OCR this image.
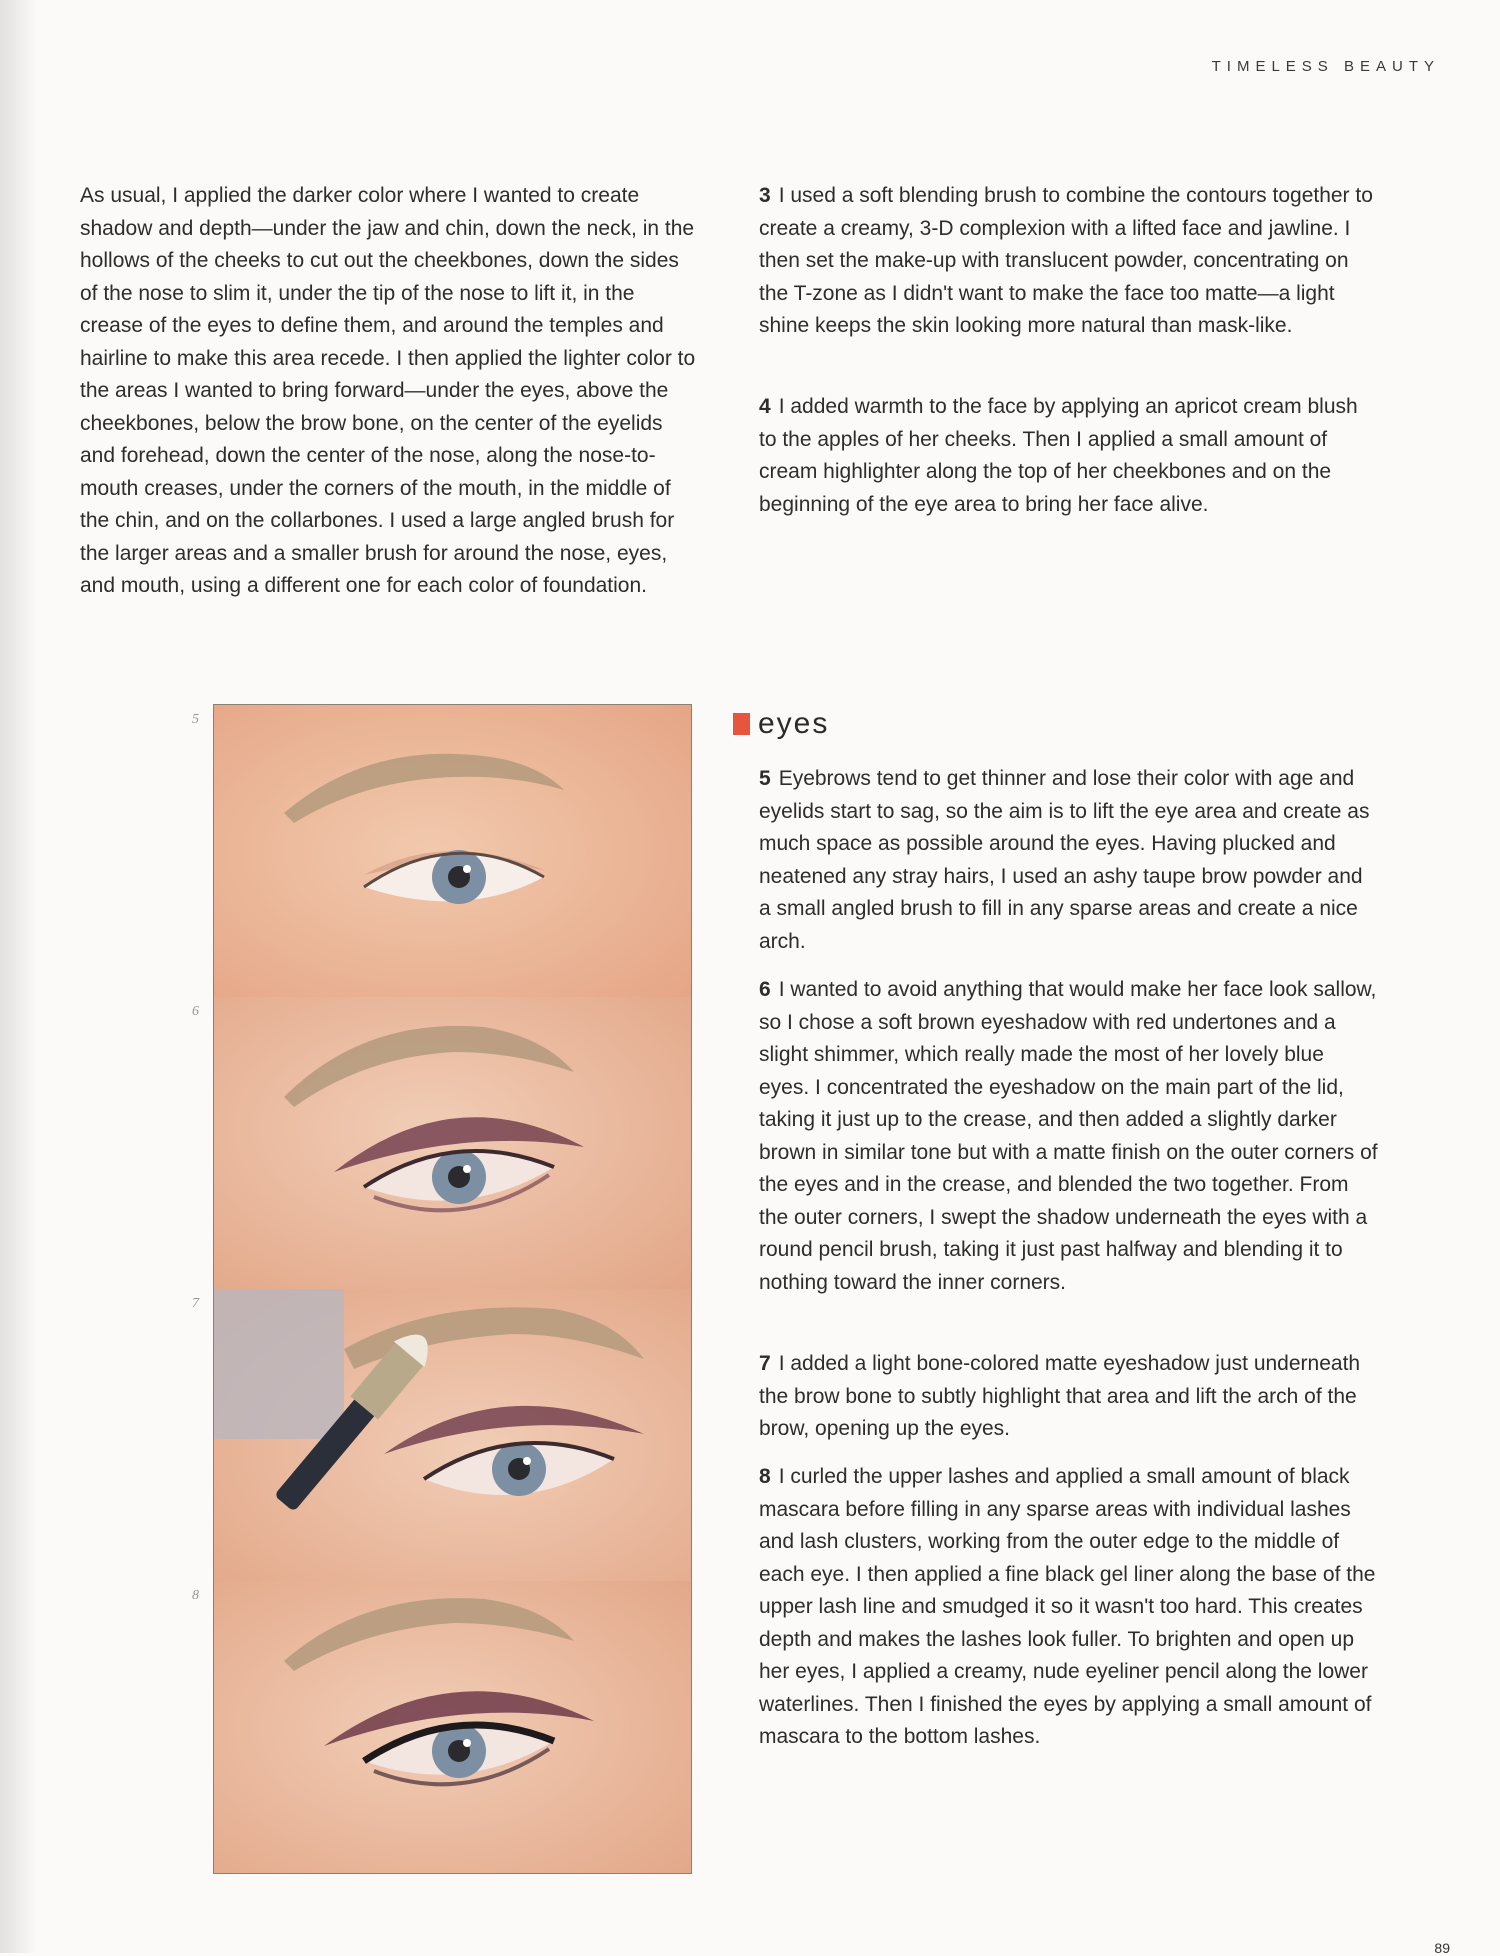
TIMELESS BEAUTY

As usual, I applied the darker color where I wanted to create shadow and depth—under the jaw and chin, down the neck, in the hollows of the cheeks to cut out the cheekbones, down the sides of the nose to slim it, under the tip of the nose to lift it, in the crease of the eyes to define them, and around the temples and hairline to make this area recede. I then applied the lighter color to the areas I wanted to bring forward—under the eyes, above the cheekbones, below the brow bone, on the center of the eyelids and forehead, down the center of the nose, along the nose-to-mouth creases, under the corners of the mouth, in the middle of the chin, and on the collarbones. I used a large angled brush for the larger areas and a smaller brush for around the nose, eyes, and mouth, using a different one for each color of foundation.

3 I used a soft blending brush to combine the contours together to create a creamy, 3-D complexion with a lifted face and jawline. I then set the make-up with translucent powder, concentrating on the T-zone as I didn't want to make the face too matte—a light shine keeps the skin looking more natural than mask-like.

4 I added warmth to the face by applying an apricot cream blush to the apples of her cheeks. Then I applied a small amount of cream highlighter along the top of her cheekbones and on the beginning of the eye area to bring her face alive.

eyes

5 Eyebrows tend to get thinner and lose their color with age and eyelids start to sag, so the aim is to lift the eye area and create as much space as possible around the eyes. Having plucked and neatened any stray hairs, I used an ashy taupe brow powder and a small angled brush to fill in any sparse areas and create a nice arch.

6 I wanted to avoid anything that would make her face look sallow, so I chose a soft brown eyeshadow with red undertones and a slight shimmer, which really made the most of her lovely blue eyes. I concentrated the eyeshadow on the main part of the lid, taking it just up to the crease, and then added a slightly darker brown in similar tone but with a matte finish on the outer corners of the eyes and in the crease, and blended the two together. From the outer corners, I swept the shadow underneath the eyes with a round pencil brush, taking it just past halfway and blending it to nothing toward the inner corners.

7 I added a light bone-colored matte eyeshadow just underneath the brow bone to subtly highlight that area and lift the arch of the brow, opening up the eyes.

8 I curled the upper lashes and applied a small amount of black mascara before filling in any sparse areas with individual lashes and lash clusters, working from the outer edge to the middle of each eye. I then applied a fine black gel liner along the base of the upper lash line and smudged it so it wasn't too hard. This creates depth and makes the lashes look fuller. To brighten and open up her eyes, I applied a creamy, nude eyeliner pencil along the lower waterlines. Then I finished the eyes by applying a small amount of mascara to the bottom lashes.

5
6
7
8
89
